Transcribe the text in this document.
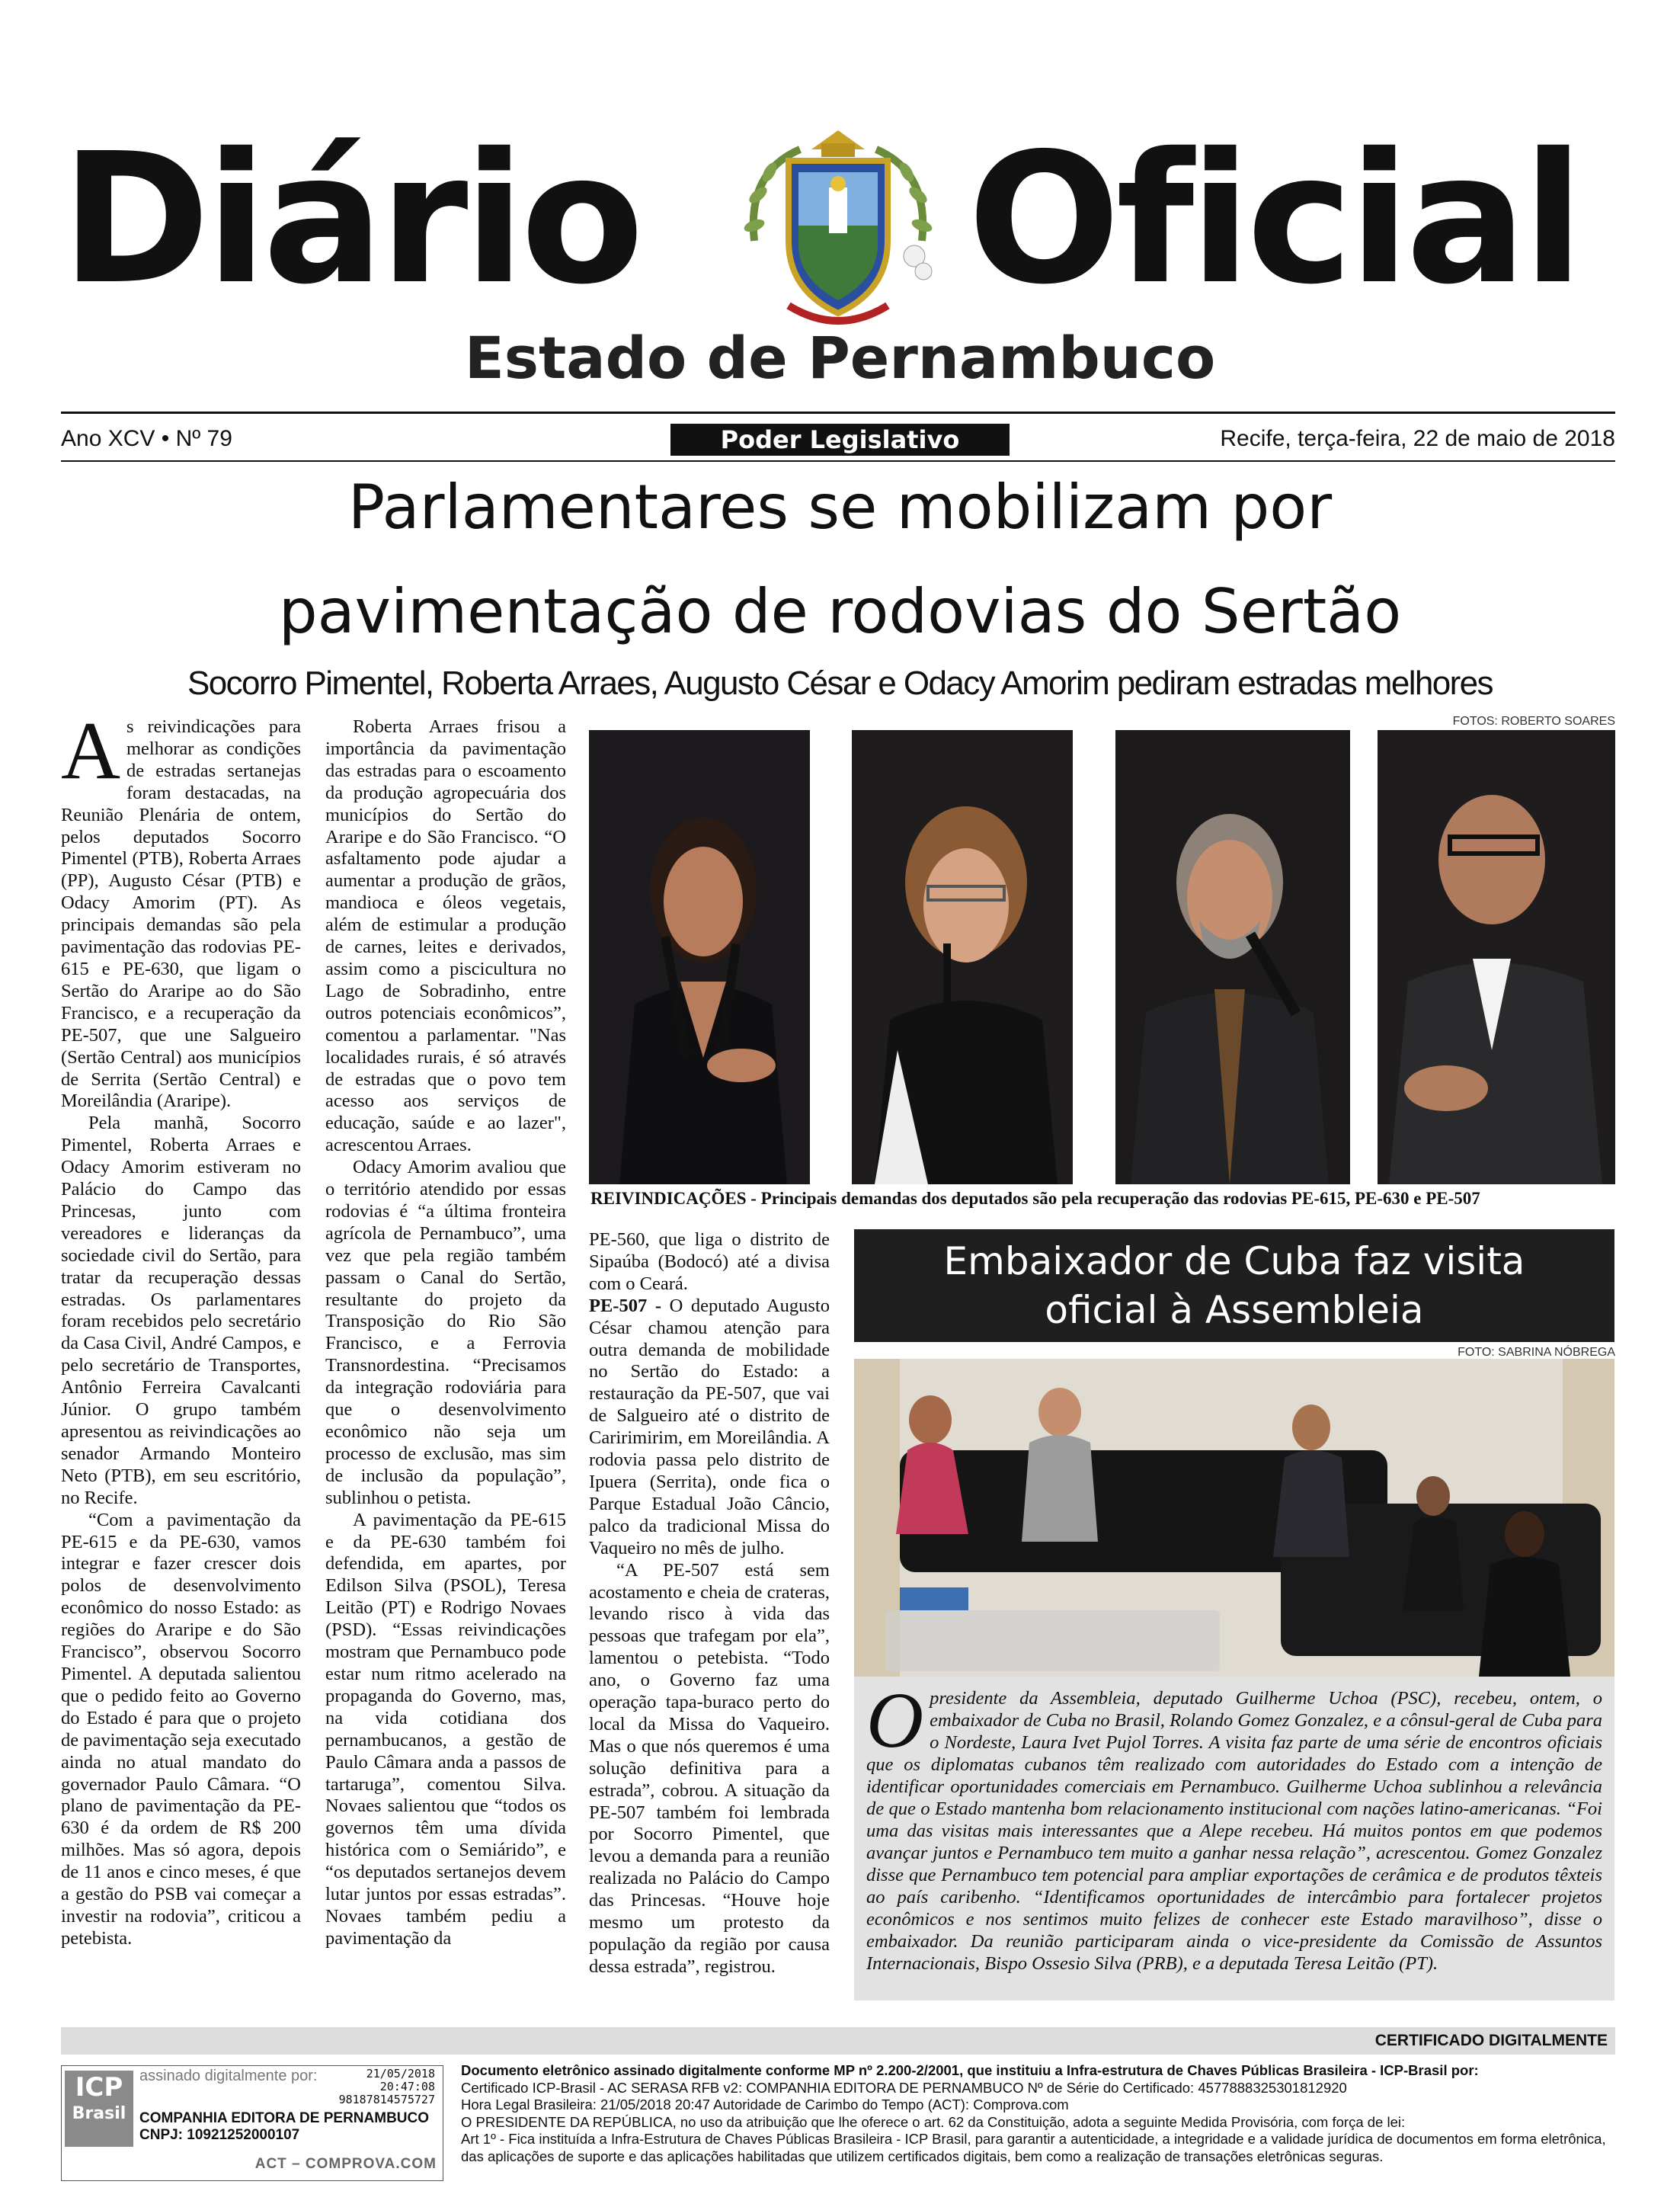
Diário Oficial
Estado de Pernambuco
Ano XCV • Nº 79	Recife, terça-feira, 22 de maio de 2018
Poder Legislativo
Parlamentares se mobilizam por
pavimentação de rodovias do Sertão
Socorro Pimentel, Roberta Arraes, Augusto César e Odacy Amorim pediram estradas melhores

As reivindicações para melhorar as condições de estradas sertanejas foram destacadas, na Reunião Plenária de ontem, pelos deputados Socorro Pimentel (PTB), Roberta Arraes (PP), Augusto César (PTB) e Odacy Amorim (PT). As principais demandas são pela pavimentação das rodovias PE-615 e PE-630, que ligam o Sertão do Araripe ao do São Francisco, e a recuperação da PE-507, que une Salgueiro (Sertão Central) aos municípios de Serrita (Sertão Central) e Moreilândia (Araripe).

Pela manhã, Socorro Pimentel, Roberta Arraes e Odacy Amorim estiveram no Palácio do Campo das Princesas, junto com vereadores e lideranças da sociedade civil do Sertão, para tratar da recuperação dessas estradas. Os parlamentares foram recebidos pelo secretário da Casa Civil, André Campos, e pelo secretário de Transportes, Antônio Ferreira Cavalcanti Júnior. O grupo também apresentou as reivindicações ao senador Armando Monteiro Neto (PTB), em seu escritório, no Recife.

“Com a pavimentação da PE-615 e da PE-630, vamos integrar e fazer crescer dois polos de desenvolvimento econômico do nosso Estado: as regiões do Araripe e do São Francisco”, observou Socorro Pimentel. A deputada salientou que o pedido feito ao Governo do Estado é para que o projeto de pavimentação seja executado ainda no atual mandato do governador Paulo Câmara. “O plano de pavimentação da PE-630 é da ordem de R$ 200 milhões. Mas só agora, depois de 11 anos e cinco meses, é que a gestão do PSB vai começar a investir na rodovia”, criticou a petebista.

Roberta Arraes frisou a importância da pavimentação das estradas para o escoamento da produção agropecuária dos municípios do Sertão do Araripe e do São Francisco. “O asfaltamento pode ajudar a aumentar a produção de grãos, mandioca e óleos vegetais, além de estimular a produção de carnes, leites e derivados, assim como a piscicultura no Lago de Sobradinho, entre outros potenciais econômicos”, comentou a parlamentar. "Nas localidades rurais, é só através de estradas que o povo tem acesso aos serviços de educação, saúde e ao lazer", acrescentou Arraes.

Odacy Amorim avaliou que o território atendido por essas rodovias é “a última fronteira agrícola de Pernambuco”, uma vez que pela região também passam o Canal do Sertão, resultante do projeto da Transposição do Rio São Francisco, e a Ferrovia Transnordestina. “Precisamos da integração rodoviária para que o desenvolvimento econômico não seja um processo de exclusão, mas sim de inclusão da população”, sublinhou o petista.

A pavimentação da PE-615 e da PE-630 também foi defendida, em apartes, por Edilson Silva (PSOL), Teresa Leitão (PT) e Rodrigo Novaes (PSD). “Essas reivindicações mostram que Pernambuco pode estar num ritmo acelerado na propaganda do Governo, mas, na vida cotidiana dos pernambucanos, a gestão de Paulo Câmara anda a passos de tartaruga”, comentou Silva. Novaes salientou que “todos os governos têm uma dívida histórica com o Semiárido”, e “os deputados sertanejos devem lutar juntos por essas estradas”. Novaes também pediu a pavimentação da

FOTOS: ROBERTO SOARES
REIVINDICAÇÕES - Principais demandas dos deputados são pela recuperação das rodovias PE-615, PE-630 e PE-507

PE-560, que liga o distrito de Sipaúba (Bodocó) até a divisa com o Ceará.

PE-507 - O deputado Augusto César chamou atenção para outra demanda de mobilidade no Sertão do Estado: a restauração da PE-507, que vai de Salgueiro até o distrito de Caririmirim, em Moreilândia. A rodovia passa pelo distrito de Ipuera (Serrita), onde fica o Parque Estadual João Câncio, palco da tradicional Missa do Vaqueiro no mês de julho.

“A PE-507 está sem acostamento e cheia de crateras, levando risco à vida das pessoas que trafegam por ela”, lamentou o petebista. “Todo ano, o Governo faz uma operação tapa-buraco perto do local da Missa do Vaqueiro. Mas o que nós queremos é uma solução definitiva para a estrada”, cobrou. A situação da PE-507 também foi lembrada por Socorro Pimentel, que levou a demanda para a reunião realizada no Palácio do Campo das Princesas. “Houve hoje mesmo um protesto da população da região por causa dessa estrada”, registrou.

Embaixador de Cuba faz visita
oficial à Assembleia
FOTO: SABRINA NÓBREGA
O presidente da Assembleia, deputado Guilherme Uchoa (PSC), recebeu, ontem, o embaixador de Cuba no Brasil, Rolando Gomez Gonzalez, e a cônsul-geral de Cuba para o Nordeste, Laura Ivet Pujol Torres. A visita faz parte de uma série de encontros oficiais que os diplomatas cubanos têm realizado com autoridades do Estado com a intenção de identificar oportunidades comerciais em Pernambuco. Guilherme Uchoa sublinhou a relevância de que o Estado mantenha bom relacionamento institucional com nações latino-americanas. “Foi uma das visitas mais interessantes que a Alepe recebeu. Há muitos pontos em que podemos avançar juntos e Pernambuco tem muito a ganhar nessa relação”, acrescentou. Gomez Gonzalez disse que Pernambuco tem potencial para ampliar exportações de cerâmica e de produtos têxteis ao país caribenho. “Identificamos oportunidades de intercâmbio para fortalecer projetos econômicos e nos sentimos muito felizes de conhecer este Estado maravilhoso”, disse o embaixador. Da reunião participaram ainda o vice-presidente da Comissão de Assuntos Internacionais, Bispo Ossesio Silva (PRB), e a deputada Teresa Leitão (PT).
CERTIFICADO DIGITALMENTE
ICP
Brasil
assinado digitalmente por:	21/05/2018
20:47:08
98187814575727
COMPANHIA EDITORA DE PERNAMBUCO
CNPJ: 10921252000107
ACT – COMPROVA.COM
Documento eletrônico assinado digitalmente conforme MP nº 2.200-2/2001, que instituiu a Infra-estrutura de Chaves Públicas Brasileira - ICP-Brasil por:
Certificado ICP-Brasil - AC SERASA RFB v2: COMPANHIA EDITORA DE PERNAMBUCO Nº de Série do Certificado: 4577888325301812920
Hora Legal Brasileira: 21/05/2018 20:47 Autoridade de Carimbo do Tempo (ACT): Comprova.com
O PRESIDENTE DA REPÚBLICA, no uso da atribuição que lhe oferece o art. 62 da Constituição, adota a seguinte Medida Provisória, com força de lei:
Art 1º - Fica instituída a Infra-Estrutura de Chaves Públicas Brasileira - ICP Brasil, para garantir a autenticidade, a integridade e a validade jurídica de documentos em forma eletrônica,
das aplicações de suporte e das aplicações habilitadas que utilizem certificados digitais, bem como a realização de transações eletrônicas seguras.
